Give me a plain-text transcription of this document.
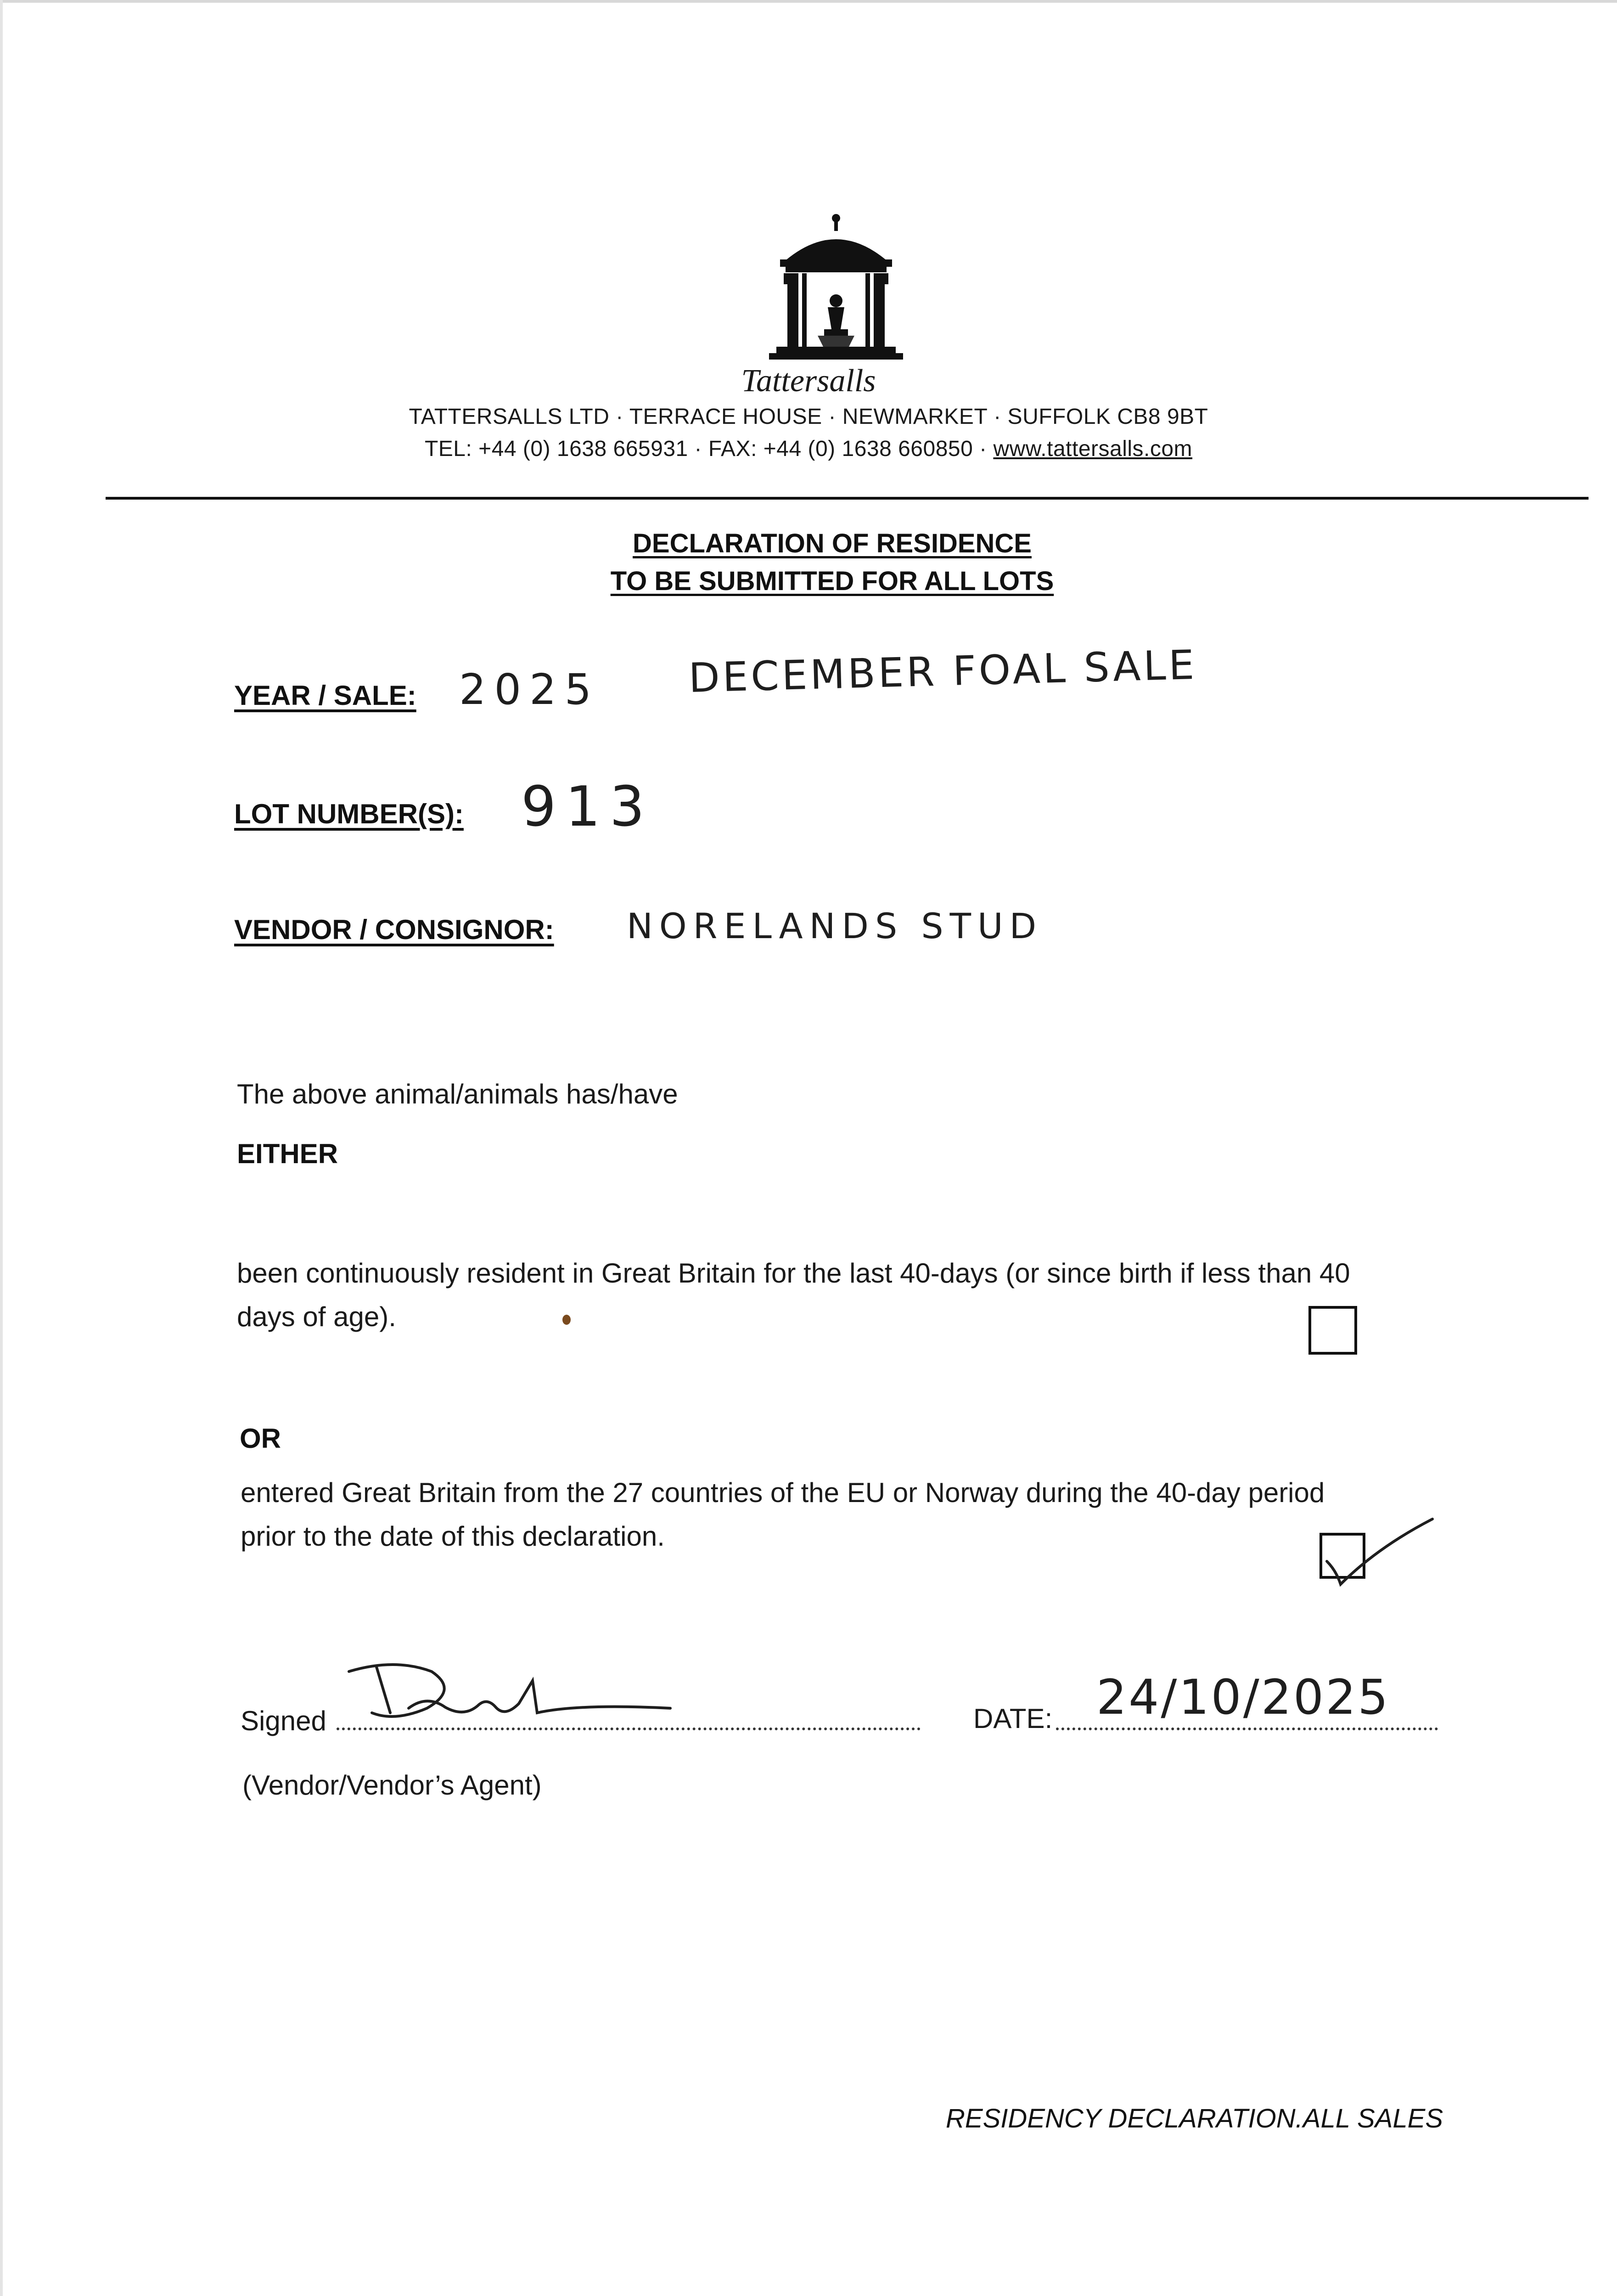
Tattersalls
TATTERSALLS LTD · TERRACE HOUSE · NEWMARKET · SUFFOLK CB8 9BT
TEL: +44 (0) 1638 665931 · FAX: +44 (0) 1638 660850 · www.tattersalls.com
DECLARATION OF RESIDENCE
TO BE SUBMITTED FOR ALL LOTS
YEAR / SALE: 2025 DECEMBER FOAL SALE
LOT NUMBER(S): 913
VENDOR / CONSIGNOR: NORELANDS STUD
The above animal/animals has/have
EITHER
been continuously resident in Great Britain for the last 40-days (or since birth if less than 40
days of age).
OR
entered Great Britain from the 27 countries of the EU or Norway during the 40-day period
prior to the date of this declaration.
Signed	DATE: 24/10/2025
(Vendor/Vendor’s Agent)
RESIDENCY DECLARATION.ALL SALES
